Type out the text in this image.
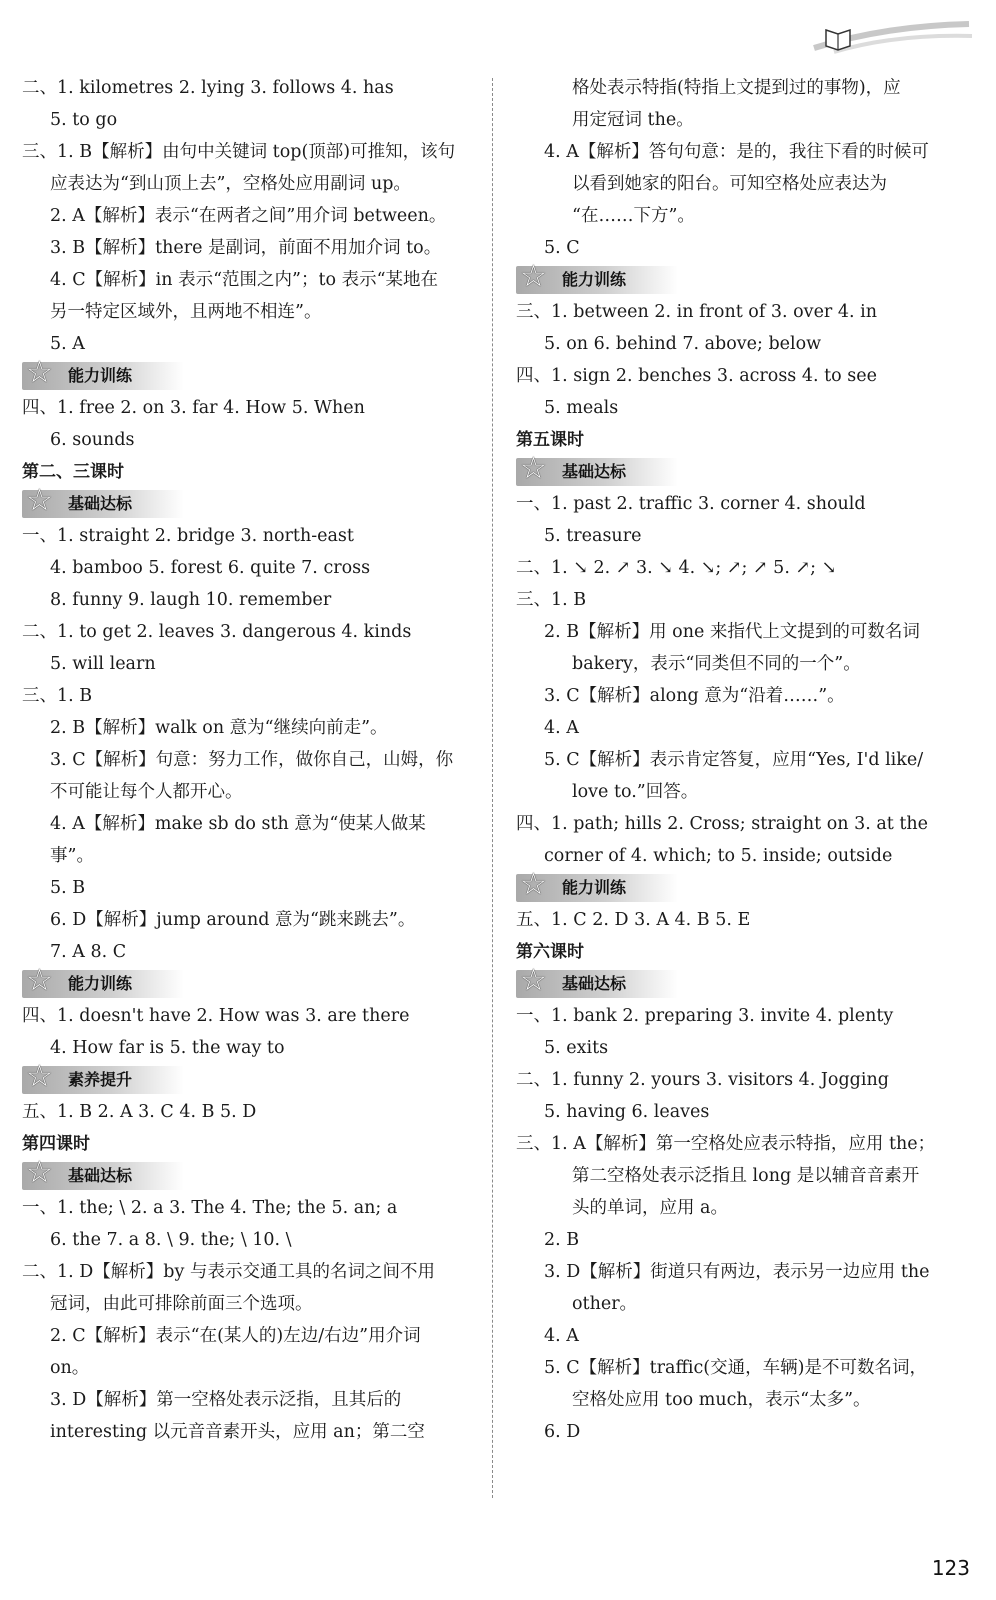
二、1. kilometres 2. lying 3. follows 4. has
5. to go
三、1. B【解析】由句中关键词 top(顶部)可推知，该句
应表达为“到山顶上去”，空格处应用副词 up。
2. A【解析】表示“在两者之间”用介词 between。
3. B【解析】there 是副词，前面不用加介词 to。
4. C【解析】in 表示“范围之内”；to 表示“某地在
另一特定区域外，且两地不相连”。
5. A
☆ 能力训练
四、1. free 2. on 3. far 4. How 5. When
6. sounds
第二、三课时
☆ 基础达标
一、1. straight 2. bridge 3. north-east
4. bamboo 5. forest 6. quite 7. cross
8. funny 9. laugh 10. remember
二、1. to get 2. leaves 3. dangerous 4. kinds
5. will learn
三、1. B
2. B【解析】walk on 意为“继续向前走”。
3. C【解析】句意：努力工作，做你自己，山姆，你
不可能让每个人都开心。
4. A【解析】make sb do sth 意为“使某人做某
事”。
5. B
6. D【解析】jump around 意为“跳来跳去”。
7. A 8. C
☆ 能力训练
四、1. doesn't have 2. How was 3. are there
4. How far is 5. the way to
☆ 素养提升
五、1. B 2. A 3. C 4. B 5. D
第四课时
☆ 基础达标
一、1. the; \ 2. a 3. The 4. The; the 5. an; a
6. the 7. a 8. \ 9. the; \ 10. \
二、1. D【解析】by 与表示交通工具的名词之间不用
冠词，由此可排除前面三个选项。
2. C【解析】表示“在(某人的)左边/右边”用介词
on。
3. D【解析】第一空格处表示泛指，且其后的
interesting 以元音音素开头，应用 an；第二空
格处表示特指(特指上文提到过的事物)，应
用定冠词 the。
4. A【解析】答句句意：是的，我往下看的时候可
以看到她家的阳台。可知空格处应表达为
“在……下方”。
5. C
☆ 能力训练
三、1. between 2. in front of 3. over 4. in
5. on 6. behind 7. above; below
四、1. sign 2. benches 3. across 4. to see
5. meals
第五课时
☆ 基础达标
一、1. past 2. traffic 3. corner 4. should
5. treasure
二、1. ↘ 2. ↗ 3. ↘ 4. ↘; ↗; ↗ 5. ↗; ↘
三、1. B
2. B【解析】用 one 来指代上文提到的可数名词
bakery，表示“同类但不同的一个”。
3. C【解析】along 意为“沿着……”。
4. A
5. C【解析】表示肯定答复，应用“Yes, I'd like/
love to.”回答。
四、1. path; hills 2. Cross; straight on 3. at the
corner of 4. which; to 5. inside; outside
☆ 能力训练
五、1. C 2. D 3. A 4. B 5. E
第六课时
☆ 基础达标
一、1. bank 2. preparing 3. invite 4. plenty
5. exits
二、1. funny 2. yours 3. visitors 4. Jogging
5. having 6. leaves
三、1. A【解析】第一空格处应表示特指，应用 the；
第二空格处表示泛指且 long 是以辅音音素开
头的单词，应用 a。
2. B
3. D【解析】街道只有两边，表示另一边应用 the
other。
4. A
5. C【解析】traffic(交通，车辆)是不可数名词，
空格处应用 too much，表示“太多”。
6. D
123
